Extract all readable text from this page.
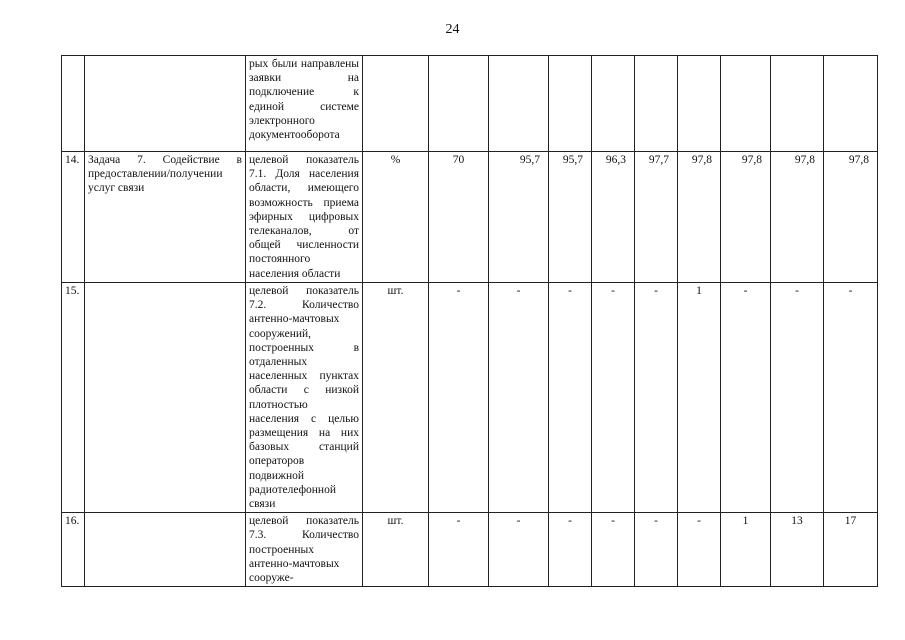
24
		рых были направлены заявки на подключение к единой системе электронного документооборота										
14.	Задача 7. Содействие в предоставлении/получении услуг связи	целевой показатель 7.1. Доля населения области, имеющего возможность приема эфирных цифровых телеканалов, от общей численности постоянного населения области	%	70	95,7	95,7	96,3	97,7	97,8	97,8	97,8	97,8
15.		целевой показатель 7.2. Количество антенно-мачтовых сооружений, построенных в отдаленных населенных пунктах области с низкой плотностью населения с целью размещения на них базовых станций операторов подвижной радиотелефонной связи	шт.	-	-	-	-	-	1	-	-	-
16.		целевой показатель 7.3. Количество построенных антенно-мачтовых сооруже-	шт.	-	-	-	-	-	-	1	13	17
